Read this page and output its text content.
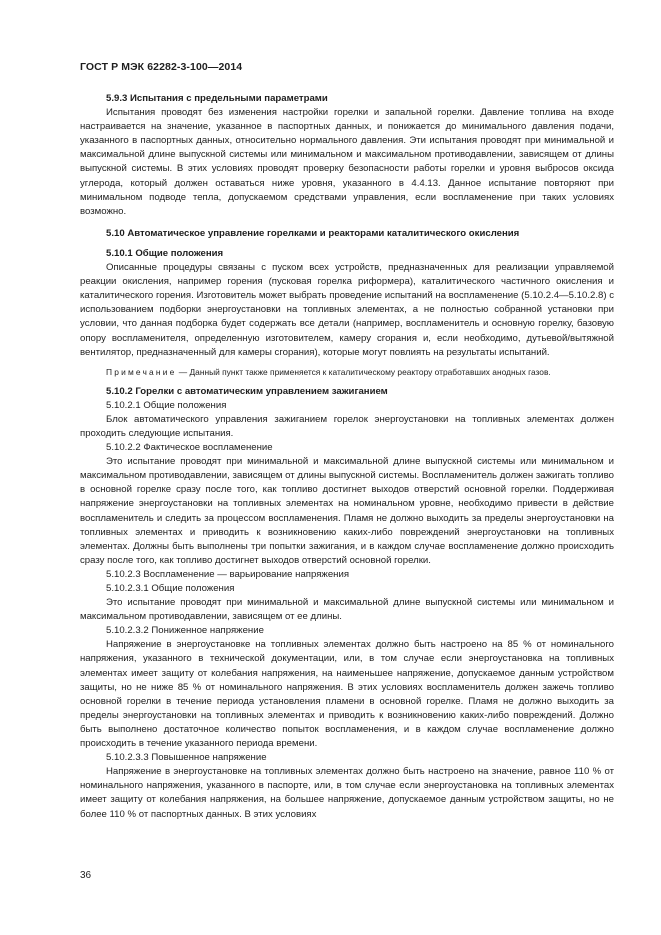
ГОСТ Р МЭК 62282-3-100—2014

5.9.3 Испытания с предельными параметрами

Испытания проводят без изменения настройки горелки и запальной горелки. Давление топлива на входе настраивается на значение, указанное в паспортных данных, и понижается до минимального давления подачи, указанного в паспортных данных, относительно нормального давления. Эти испытания проводят при минимальной и максимальной длине выпускной системы или минимальном и максимальном противодавлении, зависящем от длины выпускной системы. В этих условиях проводят проверку безопасности работы горелки и уровня выбросов оксида углерода, который должен оставаться ниже уровня, указанного в 4.4.13. Данное испытание повторяют при минимальном подводе тепла, допускаемом средствами управления, если воспламенение при таких условиях возможно.

5.10 Автоматическое управление горелками и реакторами каталитического окисления

5.10.1 Общие положения

Описанные процедуры связаны с пуском всех устройств, предназначенных для реализации управляемой реакции окисления, например горения (пусковая горелка риформера), каталитического частичного окисления и каталитического горения. Изготовитель может выбрать проведение испытаний на воспламенение (5.10.2.4—5.10.2.8) с использованием подборки энергоустановки на топливных элементах, а не полностью собранной установки при условии, что данная подборка будет содержать все детали (например, воспламенитель и основную горелку, базовую опору воспламенителя, определенную изготовителем, камеру сгорания и, если необходимо, дутьевой/вытяжной вентилятор, предназначенный для камеры сгорания), которые могут повлиять на результаты испытаний.

Примечание — Данный пункт также применяется к каталитическому реактору отработавших анодных газов.

5.10.2 Горелки с автоматическим управлением зажиганием

5.10.2.1 Общие положения

Блок автоматического управления зажиганием горелок энергоустановки на топливных элементах должен проходить следующие испытания.

5.10.2.2 Фактическое воспламенение

Это испытание проводят при минимальной и максимальной длине выпускной системы или минимальном и максимальном противодавлении, зависящем от длины выпускной системы. Воспламенитель должен зажигать топливо в основной горелке сразу после того, как топливо достигнет выходов отверстий основной горелки. Поддерживая напряжение энергоустановки на топливных элементах на номинальном уровне, необходимо привести в действие воспламенитель и следить за процессом воспламенения. Пламя не должно выходить за пределы энергоустановки на топливных элементах и приводить к возникновению каких-либо повреждений энергоустановки на топливных элементах. Должны быть выполнены три попытки зажигания, и в каждом случае воспламенение должно происходить сразу после того, как топливо достигнет выходов отверстий основной горелки.

5.10.2.3 Воспламенение — варьирование напряжения

5.10.2.3.1 Общие положения

Это испытание проводят при минимальной и максимальной длине выпускной системы или минимальном и максимальном противодавлении, зависящем от ее длины.

5.10.2.3.2 Пониженное напряжение

Напряжение в энергоустановке на топливных элементах должно быть настроено на 85 % от номинального напряжения, указанного в технической документации, или, в том случае если энергоустановка на топливных элементах имеет защиту от колебания напряжения, на наименьшее напряжение, допускаемое данным устройством защиты, но не ниже 85 % от номинального напряжения. В этих условиях воспламенитель должен зажечь топливо основной горелки в течение периода установления пламени в основной горелке. Пламя не должно выходить за пределы энергоустановки на топливных элементах и приводить к возникновению каких-либо повреждений. Должно быть выполнено достаточное количество попыток воспламенения, и в каждом случае воспламенение должно происходить в течение указанного периода времени.

5.10.2.3.3 Повышенное напряжение

Напряжение в энергоустановке на топливных элементах должно быть настроено на значение, равное 110 % от номинального напряжения, указанного в паспорте, или, в том случае если энергоустановка на топливных элементах имеет защиту от колебания напряжения, на большее напряжение, допускаемое данным устройством защиты, но не более 110 % от паспортных данных. В этих условиях

36
